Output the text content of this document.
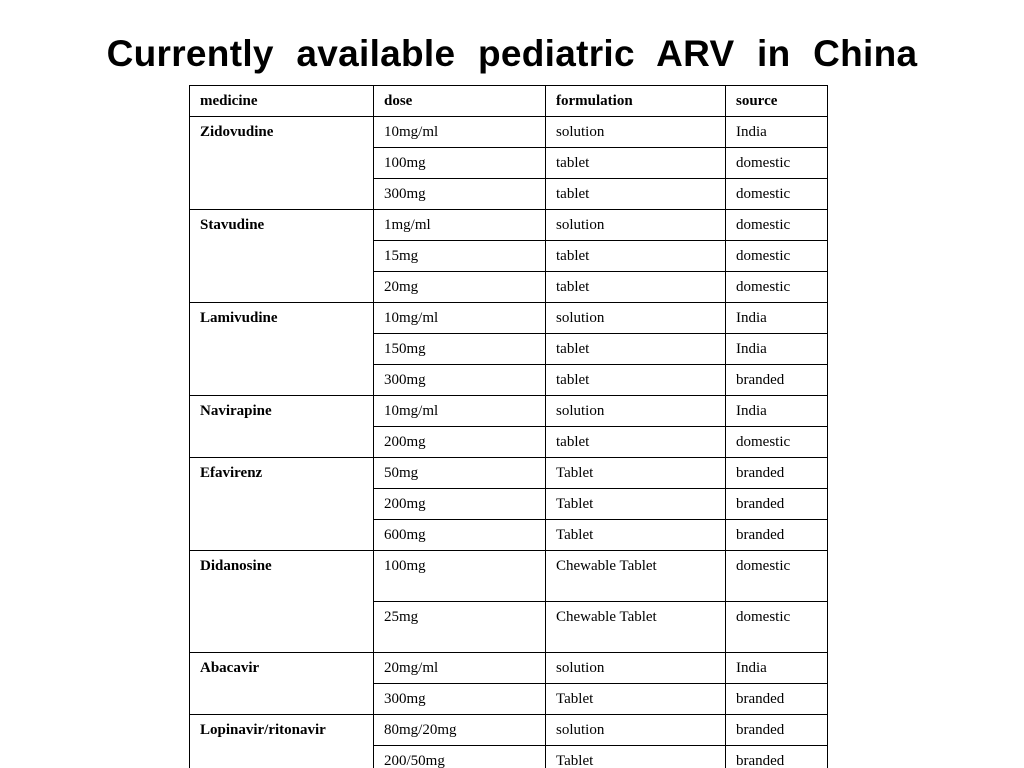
Currently available pediatric ARV in China
medicine	dose	formulation	source
Zidovudine	10mg/ml	solution	India
	100mg	tablet	domestic
	300mg	tablet	domestic
Stavudine	1mg/ml	solution	domestic
	15mg	tablet	domestic
	20mg	tablet	domestic
Lamivudine	10mg/ml	solution	India
	150mg	tablet	India
	300mg	tablet	branded
Navirapine	10mg/ml	solution	India
	200mg	tablet	domestic
Efavirenz	50mg	Tablet	branded
	200mg	Tablet	branded
	600mg	Tablet	branded
Didanosine	100mg	Chewable Tablet	domestic
	25mg	Chewable Tablet	domestic
Abacavir	20mg/ml	solution	India
	300mg	Tablet	branded
Lopinavir/ritonavir	80mg/20mg	solution	branded
	200/50mg	Tablet	branded
